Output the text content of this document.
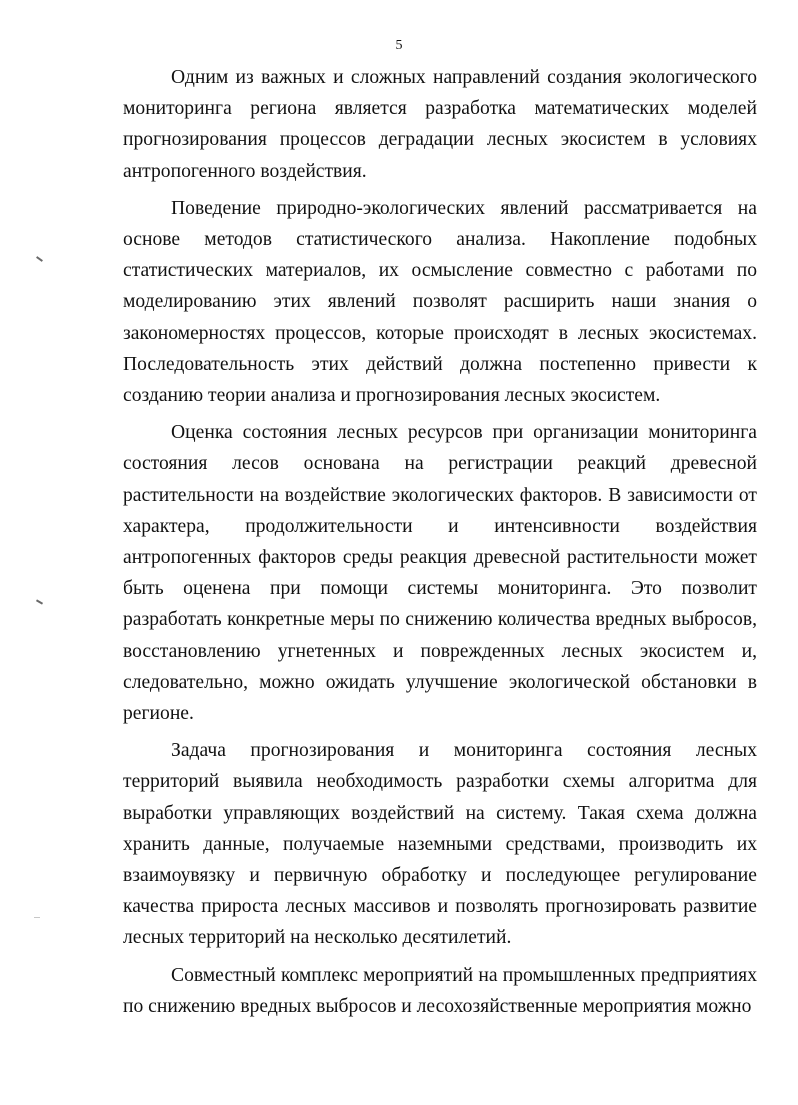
5

Одним из важных и сложных направлений создания экологического мониторинга региона является разработка математических моделей прогнозирования процессов деградации лесных экосистем в условиях антропогенного воздействия.

Поведение природно-экологических явлений рассматривается на основе методов статистического анализа. Накопление подобных статистических материалов, их осмысление совместно с работами по моделированию этих явлений позволят расширить наши знания о закономерностях процессов, которые происходят в лесных экосистемах. Последовательность этих действий должна постепенно привести к созданию теории анализа и прогнозирования лесных экосистем.

Оценка состояния лесных ресурсов при организации мониторинга состояния лесов основана на регистрации реакций древесной растительности на воздействие экологических факторов. В зависимости от характера, продолжительности и интенсивности воздействия антропогенных факторов среды реакция древесной растительности может быть оценена при помощи системы мониторинга. Это позволит разработать конкретные меры по снижению количества вредных выбросов, восстановлению угнетенных и поврежденных лесных экосистем и, следовательно, можно ожидать улучшение экологической обстановки в регионе.

Задача прогнозирования и мониторинга состояния лесных территорий выявила необходимость разработки схемы алгоритма для выработки управляющих воздействий на систему. Такая схема должна хранить данные, получаемые наземными средствами, производить их взаимоувязку и первичную обработку и последующее регулирование качества прироста лесных массивов и позволять прогнозировать развитие лесных территорий на несколько десятилетий.

Совместный комплекс мероприятий на промышленных предприятиях по снижению вредных выбросов и лесохозяйственные мероприятия можно
